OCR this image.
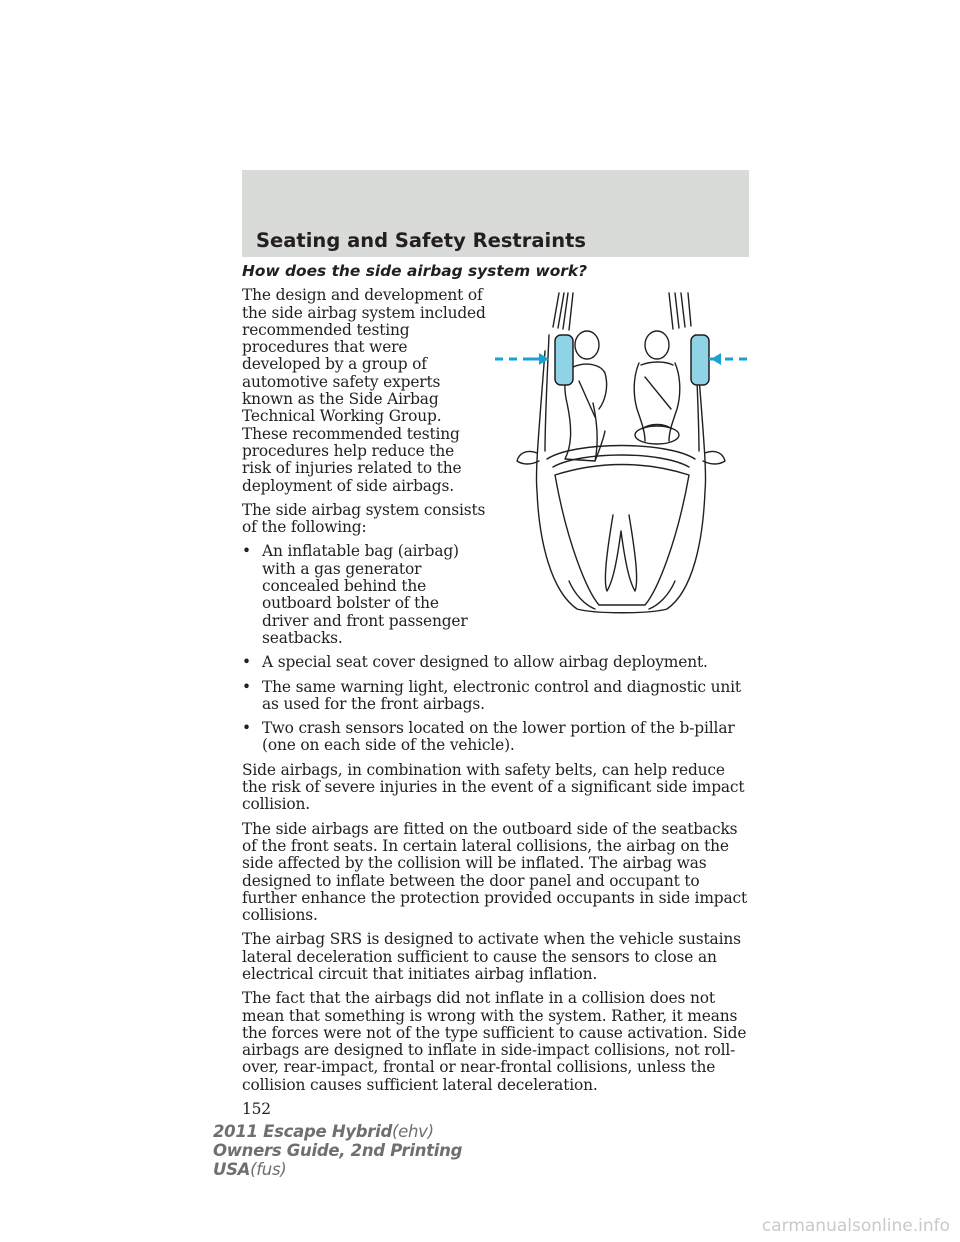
Seating and Safety Restraints
How does the side airbag system work?

The design and development of the side airbag system included recommended testing procedures that were developed by a group of automotive safety experts known as the Side Airbag Technical Working Group. These recommended testing procedures help reduce the risk of injuries related to the deployment of side airbags.

The side airbag system consists of the following:

• An inflatable bag (airbag) with a gas generator concealed behind the outboard bolster of the driver and front passenger seatbacks.
• A special seat cover designed to allow airbag deployment.
• The same warning light, electronic control and diagnostic unit as used for the front airbags.
• Two crash sensors located on the lower portion of the b-pillar (one on each side of the vehicle).

Side airbags, in combination with safety belts, can help reduce the risk of severe injuries in the event of a significant side impact collision.

The side airbags are fitted on the outboard side of the seatbacks of the front seats. In certain lateral collisions, the airbag on the side affected by the collision will be inflated. The airbag was designed to inflate between the door panel and occupant to further enhance the protection provided occupants in side impact collisions.

The airbag SRS is designed to activate when the vehicle sustains lateral deceleration sufficient to cause the sensors to close an electrical circuit that initiates airbag inflation.

The fact that the airbags did not inflate in a collision does not mean that something is wrong with the system. Rather, it means the forces were not of the type sufficient to cause activation. Side airbags are designed to inflate in side-impact collisions, not roll-over, rear-impact, frontal or near-frontal collisions, unless the collision causes sufficient lateral deceleration.

152
2011 Escape Hybrid(ehv)
Owners Guide, 2nd Printing
USA(fus)
carmanualsonline.info
